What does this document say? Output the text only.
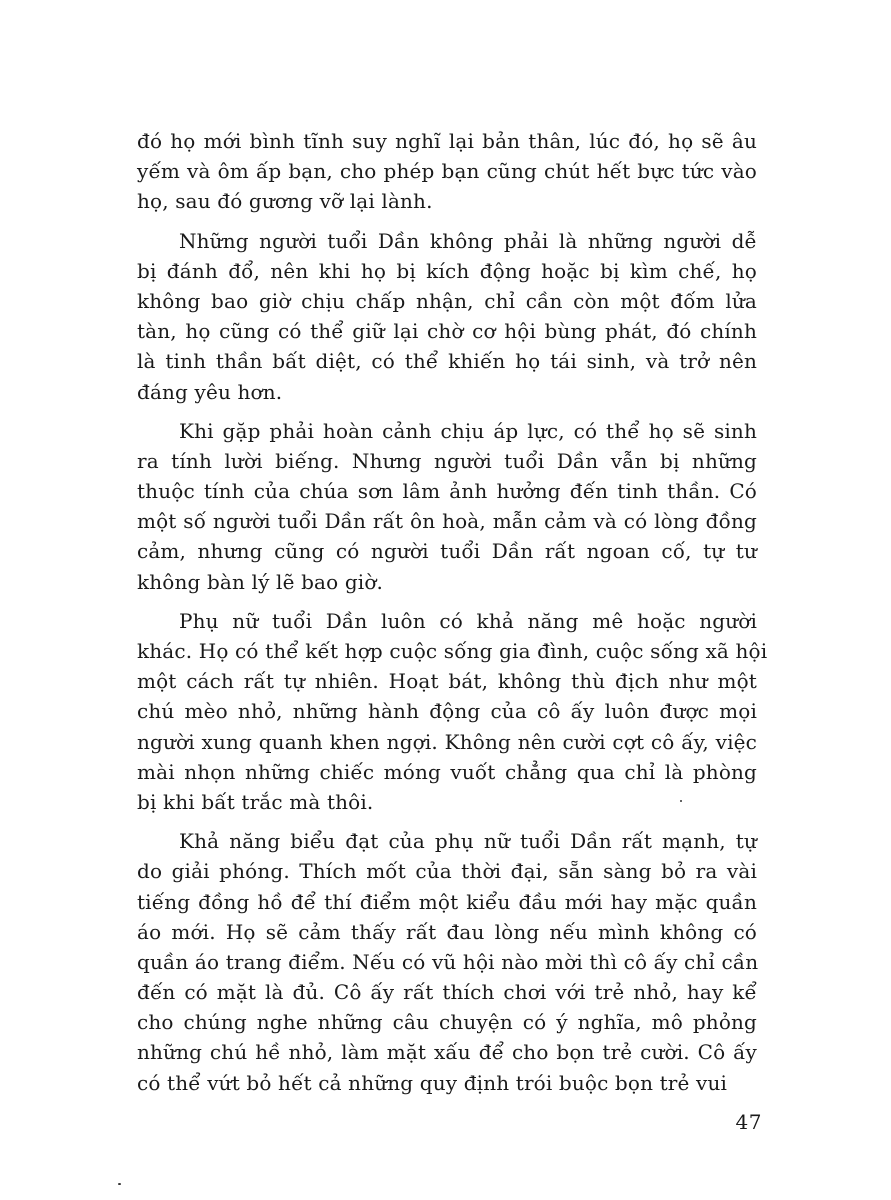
đó họ mới bình tĩnh suy nghĩ lại bản thân, lúc đó, họ sẽ âu
yếm và ôm ấp bạn, cho phép bạn cũng chút hết bực tức vào
họ, sau đó gương vỡ lại lành.
Những người tuổi Dần không phải là những người dễ
bị đánh đổ, nên khi họ bị kích động hoặc bị kìm chế, họ
không bao giờ chịu chấp nhận, chỉ cần còn một đốm lửa
tàn, họ cũng có thể giữ lại chờ cơ hội bùng phát, đó chính
là tinh thần bất diệt, có thể khiến họ tái sinh, và trở nên
đáng yêu hơn.
Khi gặp phải hoàn cảnh chịu áp lực, có thể họ sẽ sinh
ra tính lười biếng. Nhưng người tuổi Dần vẫn bị những
thuộc tính của chúa sơn lâm ảnh hưởng đến tinh thần. Có
một số người tuổi Dần rất ôn hoà, mẫn cảm và có lòng đồng
cảm, nhưng cũng có người tuổi Dần rất ngoan cố, tự tư
không bàn lý lẽ bao giờ.
Phụ nữ tuổi Dần luôn có khả năng mê hoặc người
khác. Họ có thể kết hợp cuộc sống gia đình, cuộc sống xã hội
một cách rất tự nhiên. Hoạt bát, không thù địch như một
chú mèo nhỏ, những hành động của cô ấy luôn được mọi
người xung quanh khen ngợi. Không nên cười cợt cô ấy, việc
mài nhọn những chiếc móng vuốt chẳng qua chỉ là phòng
bị khi bất trắc mà thôi.
Khả năng biểu đạt của phụ nữ tuổi Dần rất mạnh, tự
do giải phóng. Thích mốt của thời đại, sẵn sàng bỏ ra vài
tiếng đồng hồ để thí điểm một kiểu đầu mới hay mặc quần
áo mới. Họ sẽ cảm thấy rất đau lòng nếu mình không có
quần áo trang điểm. Nếu có vũ hội nào mời thì cô ấy chỉ cần
đến có mặt là đủ. Cô ấy rất thích chơi với trẻ nhỏ, hay kể
cho chúng nghe những câu chuyện có ý nghĩa, mô phỏng
những chú hề nhỏ, làm mặt xấu để cho bọn trẻ cười. Cô ấy
có thể vứt bỏ hết cả những quy định trói buộc bọn trẻ vui
47
